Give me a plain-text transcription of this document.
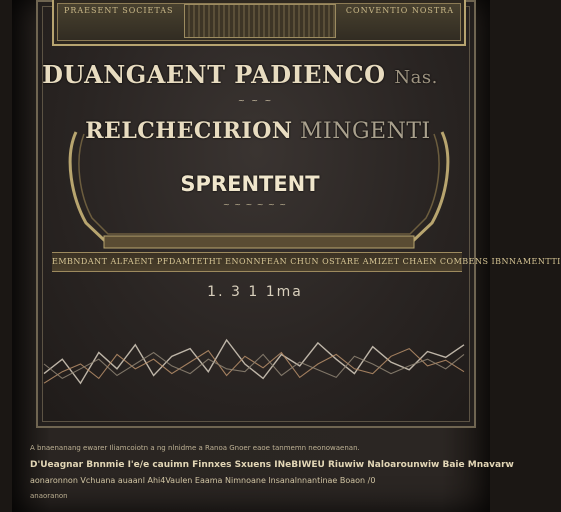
PRAESENT SOCIETAS	CONVENTIO NOSTRA
DUANGAENT PADIENCO Nas.
~ ~ ~
RELCHECIRION MINGENTI
SPRENTENT
~ ~ ~ ~ ~ ~
EMBNDANT ALFAENT PFDAMTETHT ENONNFEAN CHUN OSTARE AMIZET CHAEN COMBENS IBNNAMENTTI
1. 3 1 1ma
A bnaenanang ewarer Iliamcoiotn a ng nlnidme a Ranoa Gnoer eaoe tanmemn neonowaenan.
D'Ueagnar Bnnmie I'e/e cauimn Finnxes Sxuens INeBIWEU Riuwiw Naloarounwiw Baie Mnavarw
aonaronnon Vchuana auaanl Ahi4Vaulen Eaama Nimnoane lnsanalnnantinae Boaon /0
anaoranon
